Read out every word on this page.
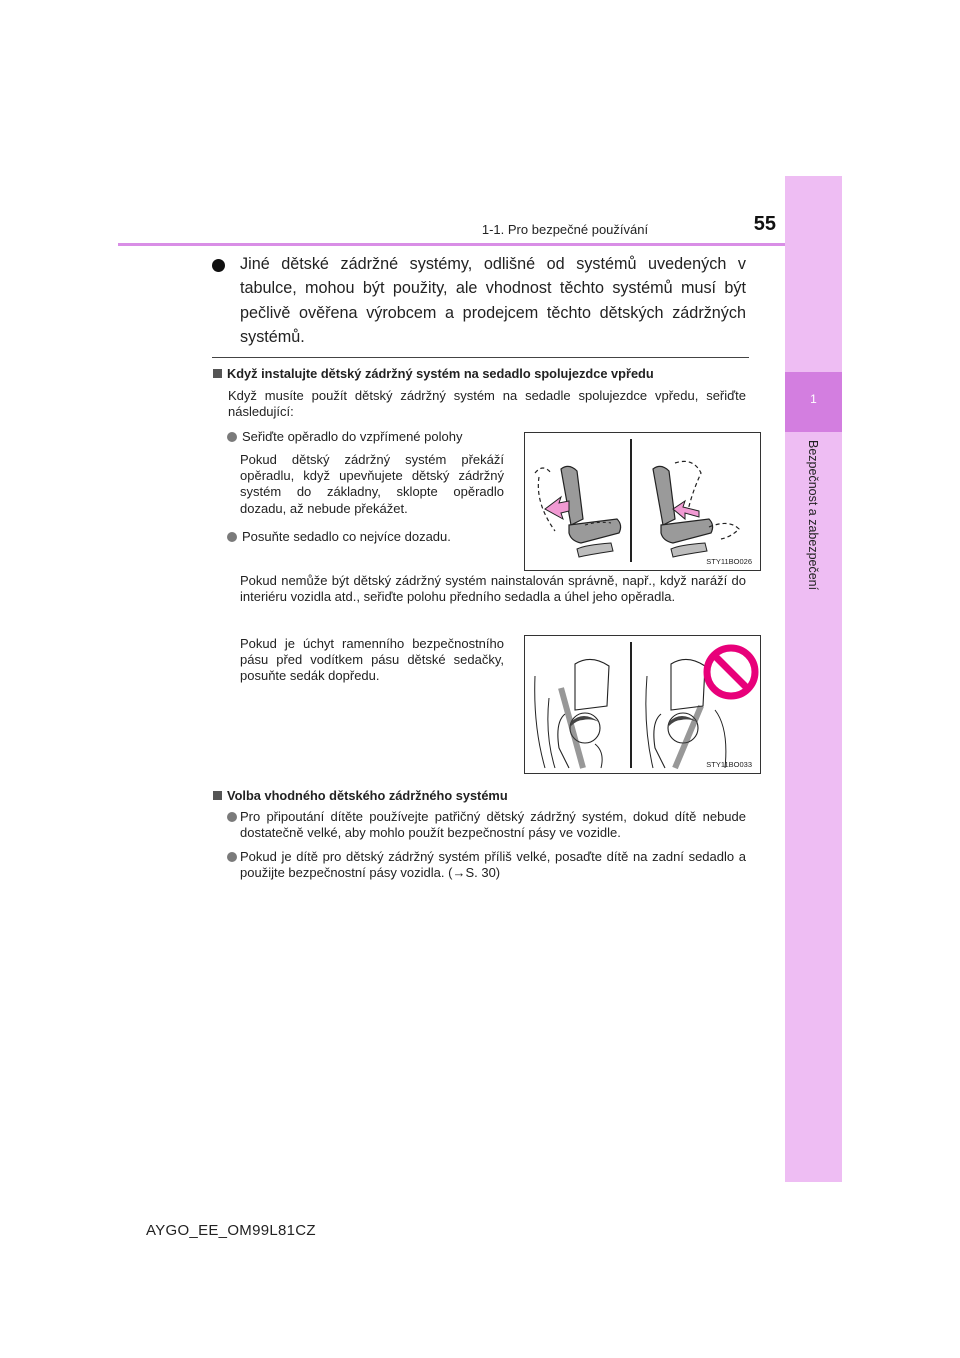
1
Bezpečnost a zabezpečení
1-1. Pro bezpečné používání	55
Jiné dětské zádržné systémy, odlišné od systémů uvedených v tabulce, mohou být použity, ale vhodnost těchto systémů musí být pečlivě ověřena výrobcem a prodejcem těchto dětských zádržných systémů.
Když instalujte dětský zádržný systém na sedadlo spolujezdce vpředu
Když musíte použít dětský zádržný systém na sedadle spolujezdce vpředu, seřiďte následující:
Seřiďte opěradlo do vzpřímené polohy
Pokud dětský zádržný systém překáží opěradlu, když upevňujete dětský zádržný systém do základny, sklopte opěradlo dozadu, až nebude překážet.
Posuňte sedadlo co nejvíce dozadu.
STY11BO026
Pokud nemůže být dětský zádržný systém nainstalován správně, např., když naráží do interiéru vozidla atd., seřiďte polohu předního sedadla a úhel jeho opěradla.
Pokud je úchyt ramenního bezpečnostního pásu před vodítkem pásu dětské sedačky, posuňte sedák dopředu.
STY11BO033
Volba vhodného dětského zádržného systému
Pro připoutání dítěte používejte patřičný dětský zádržný systém, dokud dítě nebude dostatečně velké, aby mohlo použít bezpečnostní pásy ve vozidle.
Pokud je dítě pro dětský zádržný systém příliš velké, posaďte dítě na zadní sedadlo a použijte bezpečnostní pásy vozidla. (→S. 30)
AYGO_EE_OM99L81CZ
